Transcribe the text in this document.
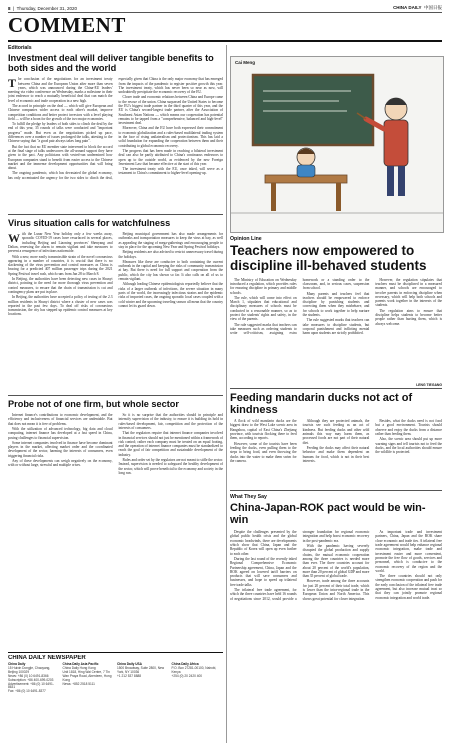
8  |  Thursday, December 31, 2020	CHINA DAILY 中国日报
COMMENT
Editorials
Investment deal will deliver tangible benefits to both sides and the world

The conclusion of the negotiations for an investment treaty between China and the European Union after more than seven years, which was announced during the China-EU leaders' meeting via video conference on Wednesday, marks a milestone in their joint endeavor to reach a mutually beneficial deal that can match the level of economic and trade cooperation in a new high.

The accord in principle on the deal — which will give European and Chinese companies wider access to each other's market, improve competition conditions and better protect investors with a level playing field — will be a boon for the growth of the two major economies.

To fulfill the pledge by leaders of both sides to clinch the deal by the end of this year, 35 rounds of talks were conducted and "important progress" made. But even as the negotiations picked up pace, differences over a number of issues prolonged the talks, attesting to the Chinese saying that "a good pair always takes long pain".

But the fact that no EU member state intervened to block the accord at the final stage of talks underscores the all-around support they have given to the pact. Any politicians with vested-run undermined how European companies stand to benefit from easier access to the Chinese market and the immense development opportunities that will bring about.

The ongoing pandemic, which has devastated the global economy, has only accentuated the urgency for the two sides to clinch the deal, especially given that China is the only major economy that has emerged from the impacts of the pandemic to register positive growth this year. The investment treaty, which has never been so near as now, will undoubtedly precipitate the economic recovery of the EU.

Closer trade and economic relations between China and Europe came to the rescue of the union. China surpassed the United States to become the EU's biggest trade partner in the third quarter of this year, and the EU is China's second-largest trade partner, after the Association of Southeast Asian Nations — which means our cooperation has potential remains to be tapped from a "comprehensive, balanced and high-level" investment deal.

Moreover, China and the EU have both expressed their commitment to economic globalization and a rules-based multilateral trading system in the face of rising unilateralism and protectionism. This has laid a solid foundation for expanding the cooperation between them and their contributing to global economic recovery.

The progress that has been made in reaching a bilateral investment deal can also be partly attributed to China's continuous endeavors to open up to the outside world, as evidenced by the new Foreign Investment Law that became effective at the start of this year.

The investment treaty with the EU, once inked, will serve as a testament to China's commitment to higher-level opening-up.

Virus situation calls for watchfulness

With the Lunar New Year holiday only a few weeks away, sporadic COVID-19 cases have resurfaced in several places, including Beijing and Liaoning provinces' Shenyang and Dalian, renewing the alarm to remain vigilant and take measures to prevent a resurgence of infections nationwide.

With a new, more easily transmissible strain of the novel coronavirus appearing in a number of countries, it is crucial that there is no slackening of the virus prevention and control measures as China is bracing for a predicted 407 million passenger trips during the 2021 Spring Festival travel rush, which runs from Jan 28 to March 8.

In Beijing, the authorities have been detecting new cases in Shunyi district, pointing to the need for more thorough virus prevention and control measures, to ensure that the chain of transmission is cut and contingency plans are put in place.

In Beijing, the authorities have accepted a policy of testing of the 2.3 million residents in Shunyi district where a cluster of new cases was reported in the past few days. To deal off risks of coronavirus transmission, the city has stepped up epidemic control measures at key locations.

Beijing municipal government has also made arrangements for outbreaks and transportation measures to keep the virus at bay, as well as appealing the staging of mega-gatherings and encouraging people to stay in place for the upcoming New Year and Spring Festival holidays.

Beijing residents are also advised to restrict unnecessary travel during the holidays.

Measures like these are conducive to both containing the current outbreak in the capital and keeping the risks of community transmission at bay. But there is need for full support and cooperation from the public, which the city has shown so far. It also calls on all of us to remain vigilant.

Although leading Chinese epidemiologists reportedly believe that the risks of a larger outbreak of infections, the severe situation in many parts of the world, the increasingly infectious strains and the epidemic risks of imported cases, the ongoing sporadic local cases coupled with a cold winter and the upcoming traveling season all mean that the country cannot let its guard down.

Probe not of one firm, but whole sector

Internet finance's contributions to economic development, and the efficiency and inclusiveness of financial services are undeniable. But that does not mean it is free of problems.

With the utilization of advanced technology, big data and cloud computing, internet finance has developed at a fast speed in China, posing challenges to financial supervision.

Some internet companies involved in finance have become dominant players in the market, affecting market order and the coordinated development of the sector, harming the interests of consumers, even triggering financial risks.

Any of these developments can weigh negatively on the economy, with or without large, stressful and multiple crises.

So it is no surprise that the authorities should in principle and intensify supervision of the industry, to ensure it is building its hold in rules-based development, fair, competition and the protection of the interests of consumers.

That the regulators require that internet finance companies involved in financial services should not just be mentioned within a framework of risk control; rather each company must be treated on an equal footing, and the operation of internet finance companies must be standardized to reach the goal of fair competition and sustainable development of the industry.

Rules and order set by the regulators are not meant to stifle the sector. Instead, supervision is needed to safeguard the healthy development of the sector, which will prove beneficial to the economy and society in the long run.

CHINA DAILY NEWSPAPER
China Daily
15 Huixin Dongjie, Chaoyang, Beijing 100029
News: +86 (0) 10 6491-8366
Subscription: +86 400-699-0203
Advertisement: +86 (0) 10 6491-8631
Fax: +86 (0) 10 6491-8377
China Daily Asia Pacific
China Daily Hong Kong
Unit 1818, Hing Wai Centre, 7 Tin Wan Praya Road, Aberdeen, Hong Kong
News: +852 2518 5111
China Daily USA
1500 Broadway, Suite 2800, New York, NY 10036
+1 212 537 8888
China Daily Africa
P.O. Box 27281-00100, Nairobi, Kenya
+254 (0) 20 2420 400
Cai Meng
Opinion Line
Teachers now empowered to discipline ill-behaved students

The Ministry of Education on Wednesday introduced a regulation, which provides rules for ensuring discipline in primary and middle schools.

The rule, which will come into effect on March 1, stipulates that educational and disciplinary measures of schools must be conducted in a reasonable manner, so as to protect the students' rights and safety, in the view of the parents.

The rule suggested marks that teachers can take measures such as ordering students to write self-criticism, assigning extra homework or a standing order to the classroom, and, in serious cases, suspension from school.

Many parents and teachers feel that teachers should be empowered to enforce discipline by punishing students and correcting them when they misbehave, and for schools to work together to help nurture the students.

The rule suggested marks that teachers can take measures to discipline students, but corporal punishment and inflicting mental harm upon students are strictly prohibited.

However, the regulation stipulates that teachers must be disciplined in a measured manner, and schools are encouraged to involve parents in enforcing discipline when necessary, which will help both schools and parents work together in the interests of the students.

The regulation aims to ensure that discipline helps students to become better people rather than hurting them, which is always welcome.

LENG TIEGANG
Feeding mandarin ducks not act of kindness

A flock of wild mandarin ducks are the biggest draw to the West Lake scenic area in Hangzhou, capital of East China's Zhejiang province, with tourists flocking there to feed them, according to reports.

However, some of the tourists have been feeding the ducks, even pulling them to the steps to bring food, and even throwing the ducks into the water to make them swim for the camera.

Although they are protected animals, the tourists see such feeding as an act of kindness. But feeding ducks and other wild animals this way may harm them, as processed foods are not part of their natural diet.

Feeding the ducks may affect their natural behavior and make them dependent on humans for food, which is not in their best interests.

Besides, what the ducks need is not food but a good environment. Tourists should observe and enjoy the ducks from a distance rather than feeding them.

Also, the scenic area should put up more warning signs and tell tourists not to feed the ducks, and the local authorities should ensure the wildlife is protected.

What They Say
China-Japan-ROK pact would be win-win

Despite the challenges presented by the global public health crisis and the global economic headwinds, there are developments which show that China, Japan and the Republic of Korea will open up even further to each other.

During the last round of the recently inked Regional Comprehensive Economic Partnership agreement, China, Japan and the ROK agreed on lowered tariff barriers on products that will save consumers and businesses, and hope to speed up trilateral free trade talks.

The trilateral free trade agreement, for which the three countries have held 16 rounds of negotiations since 2012, would provide a stronger foundation for regional economic integration and help boost economic recovery in the post-pandemic era.

With the pandemic having severely disrupted the global production and supply chains, the mutual economic cooperation among the three countries is needed more than ever. The three countries account for about 20 percent of the world's population, more than 20 percent of global GDP and more than 35 percent of global trade.

However, trade among the three accounts for just 20 percent of their total trade, which is lower than the intra-regional trade in the European Union and North America. This shows great potential for closer integration.

As important trade and investment partners, China, Japan and the ROK share close economic and trade ties. A trilateral free trade agreement would help enhance regional economic integration, make trade and investment easier and more convenient, promote the free flow of goods, services and personnel, which is conducive to the economic recovery of the region and the world.

The three countries should not only strengthen economic cooperation and push for the early conclusion of the trilateral free trade agreement, but also increase mutual trust so that they can jointly promote regional economic integration and world trade.
